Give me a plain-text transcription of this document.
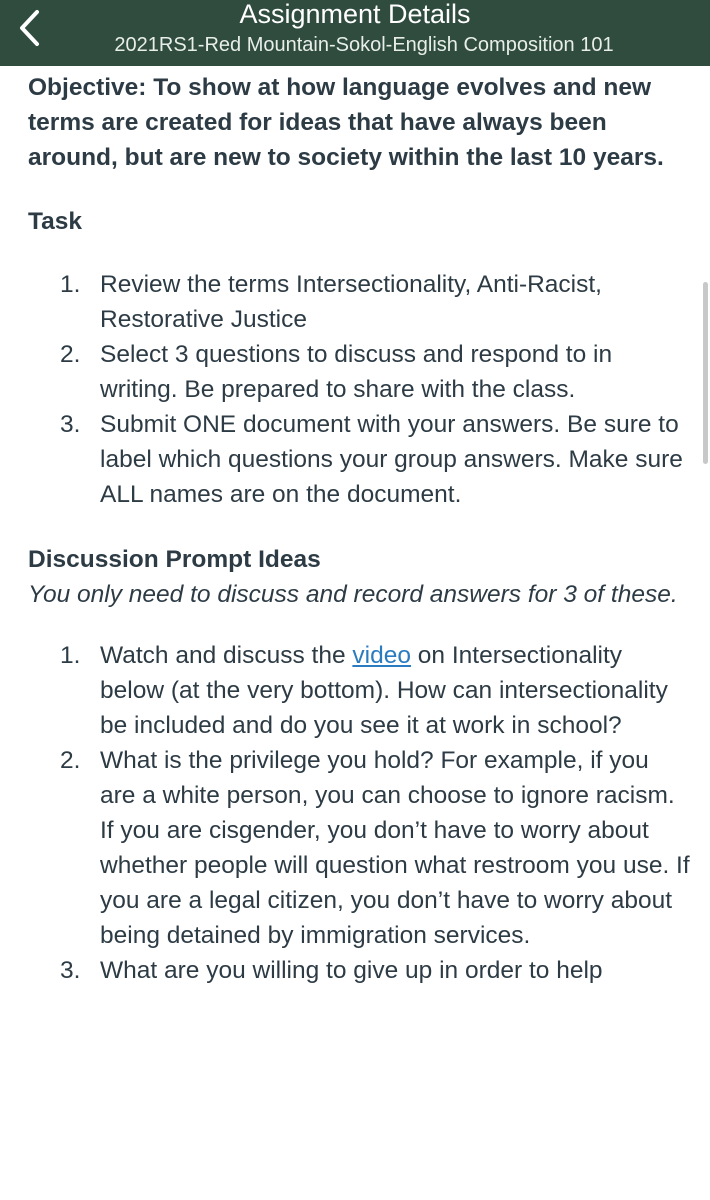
Assignment Details
2021RS1-Red Mountain-Sokol-English Composition 101

Objective: To show at how language evolves and new terms are created for ideas that have always been around, but are new to society within the last 10 years.

Task

1. Review the terms Intersectionality, Anti-Racist, Restorative Justice
2. Select 3 questions to discuss and respond to in writing. Be prepared to share with the class.
3. Submit ONE document with your answers. Be sure to label which questions your group answers. Make sure ALL names are on the document.

Discussion Prompt Ideas

You only need to discuss and record answers for 3 of these.

1. Watch and discuss the video on Intersectionality below (at the very bottom). How can intersectionality be included and do you see it at work in school?
2. What is the privilege you hold? For example, if you are a white person, you can choose to ignore racism. If you are cisgender, you don’t have to worry about whether people will question what restroom you use. If you are a legal citizen, you don’t have to worry about being detained by immigration services.
3. What are you willing to give up in order to help
